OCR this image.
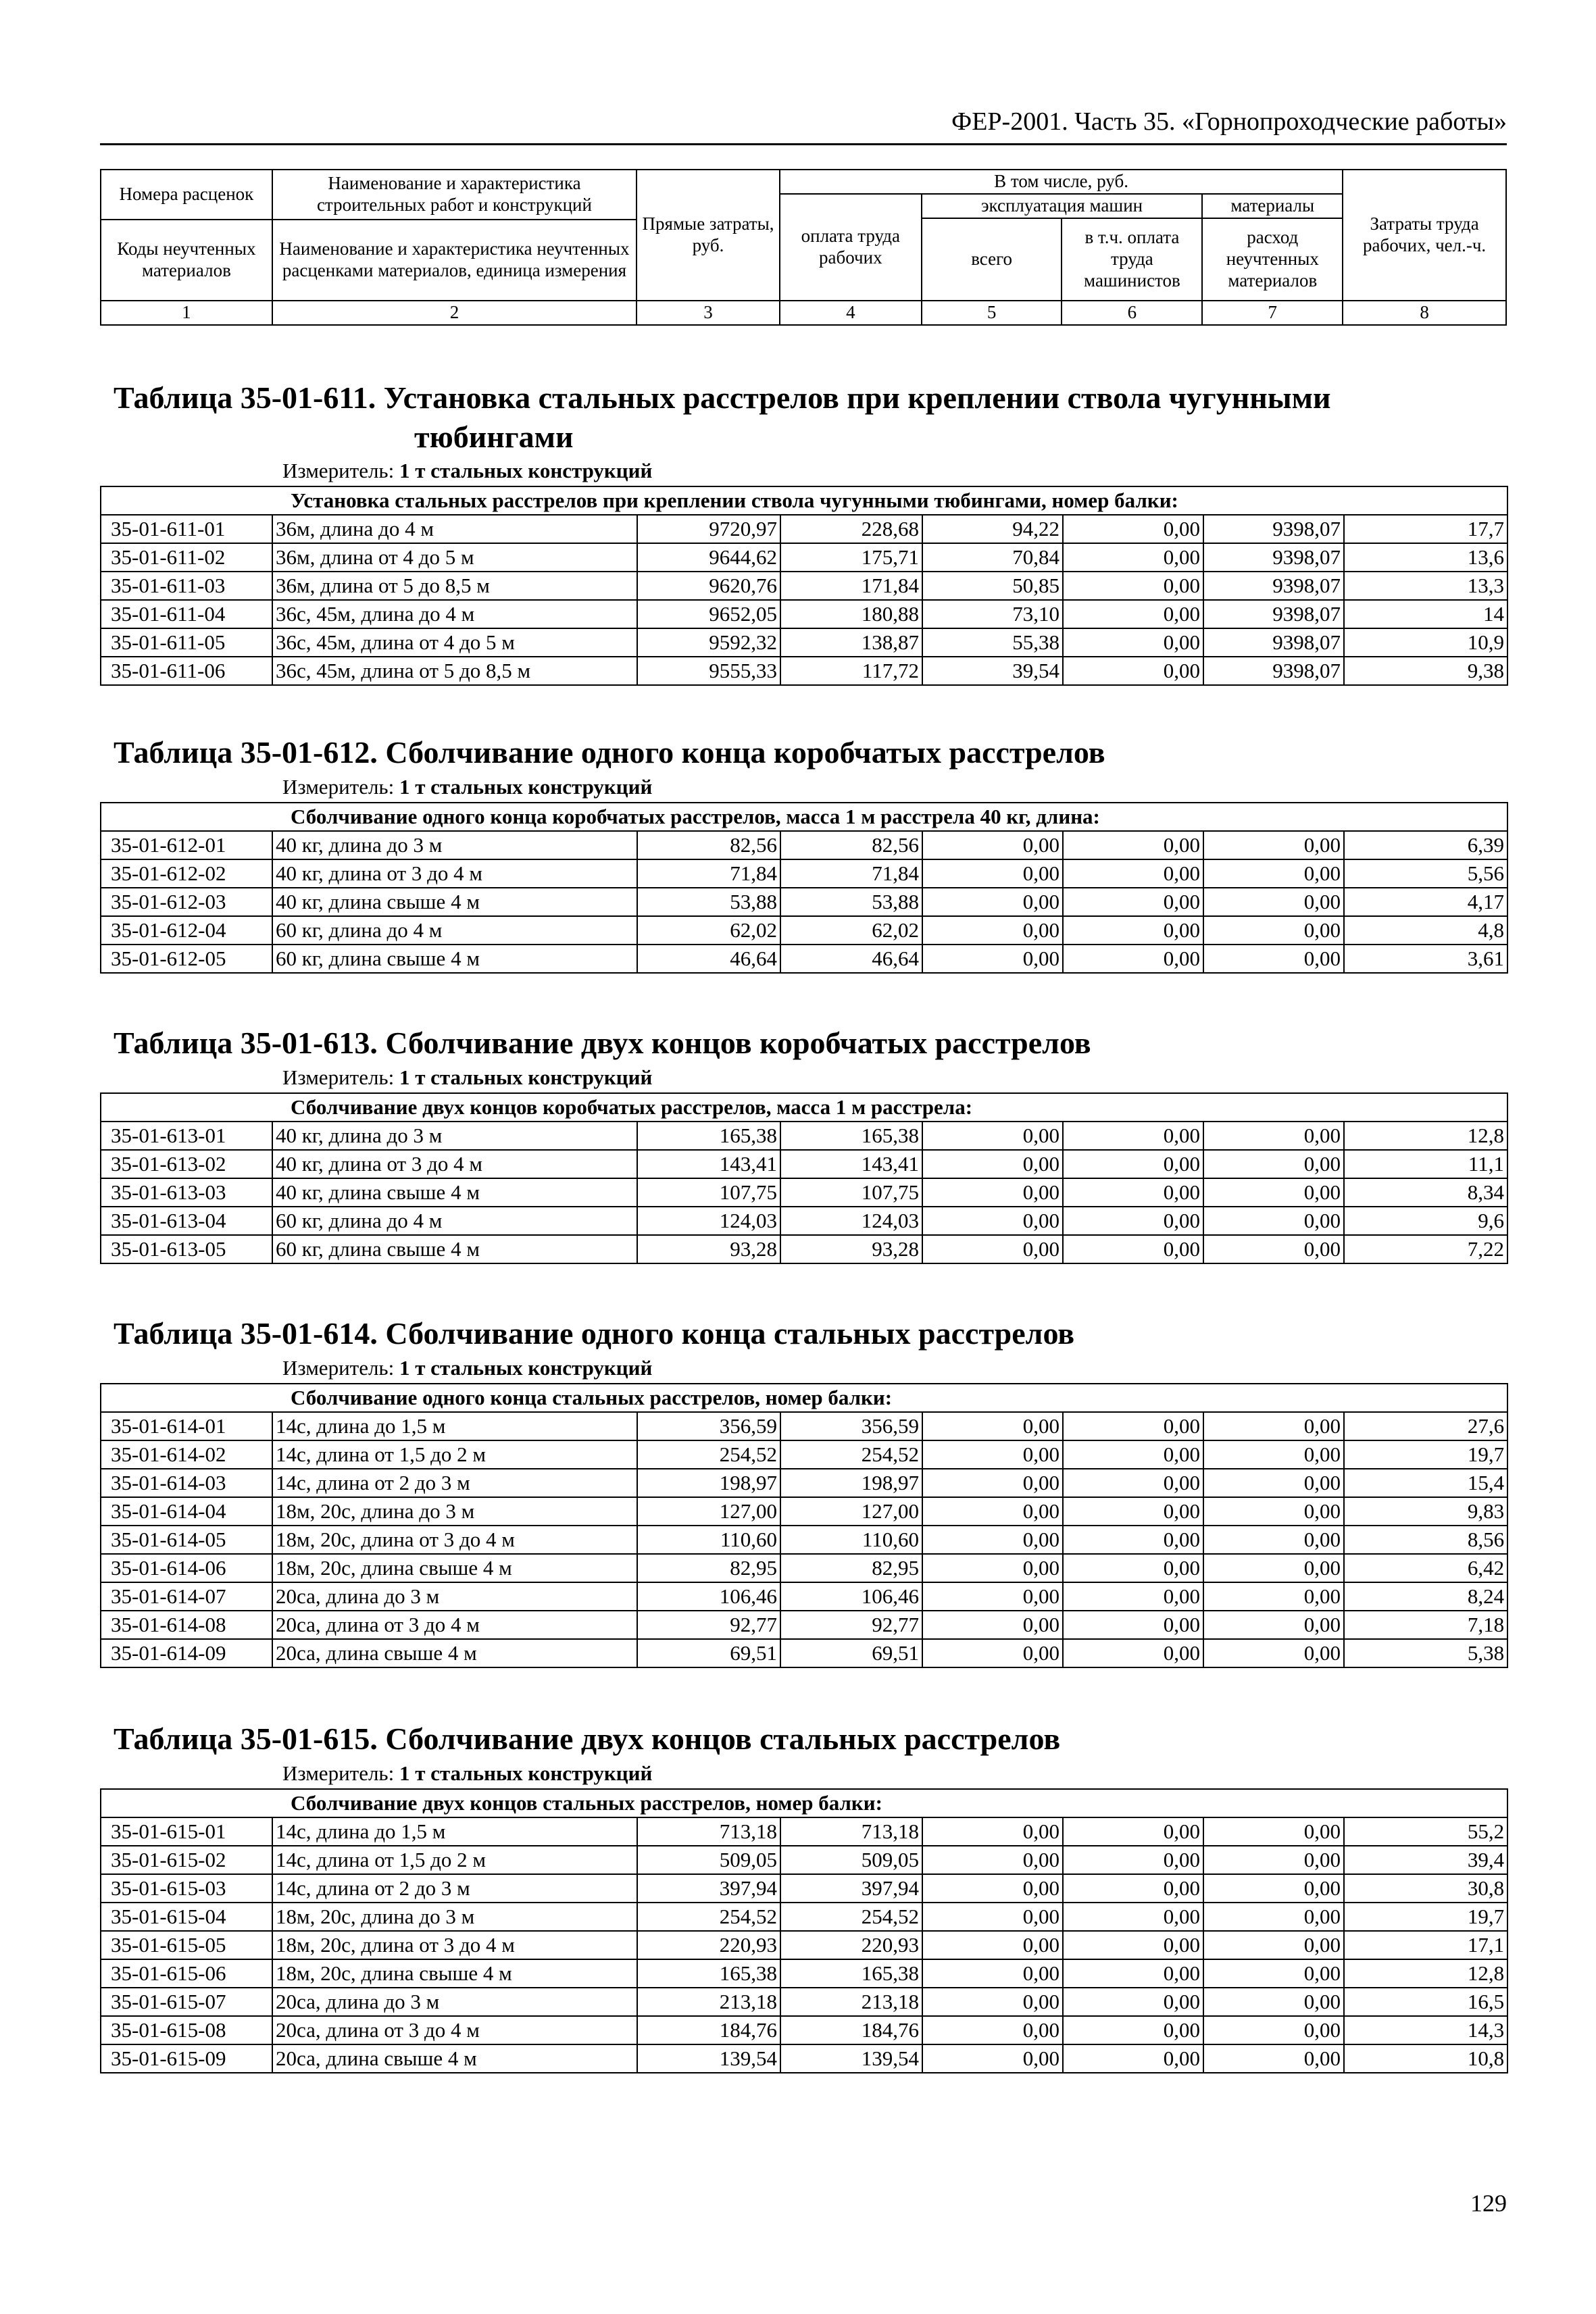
ФЕР-2001. Часть 35. «Горнопроходческие работы»
Номера расценок	Наименование и характеристика строительных работ и конструкций	Прямые затраты, руб.	В том числе, руб.				Затраты труда рабочих, чел.-ч.
			оплата труда рабочих	эксплуатация машин		материалы	
				всего	в т.ч. оплата труда машинистов	расход неучтенных материалов	
Коды неучтенных материалов	Наименование и характеристика неучтенных расценками материалов, единица измерения						

1	2	3	4	5	6	7	8
Таблица 35-01-611. Установка стальных расстрелов при креплении ствола чугунными
тюбингами
Измеритель: 1 т стальных конструкций
Установка стальных расстрелов при креплении ствола чугунными тюбингами, номер балки:							
35-01-611-01	36м, длина до 4 м	9720,97	228,68	94,22	0,00	9398,07	17,7
35-01-611-02	36м, длина от 4 до 5 м	9644,62	175,71	70,84	0,00	9398,07	13,6
35-01-611-03	36м, длина от 5 до 8,5 м	9620,76	171,84	50,85	0,00	9398,07	13,3
35-01-611-04	36с, 45м, длина до 4 м	9652,05	180,88	73,10	0,00	9398,07	14
35-01-611-05	36с, 45м, длина от 4 до 5 м	9592,32	138,87	55,38	0,00	9398,07	10,9
35-01-611-06	36с, 45м, длина от 5 до 8,5 м	9555,33	117,72	39,54	0,00	9398,07	9,38
Таблица 35-01-612. Сболчивание одного конца коробчатых расстрелов
Измеритель: 1 т стальных конструкций
Сболчивание одного конца коробчатых расстрелов, масса 1 м расстрела 40 кг, длина:							
35-01-612-01	40 кг, длина до 3 м	82,56	82,56	0,00	0,00	0,00	6,39
35-01-612-02	40 кг, длина от 3 до 4 м	71,84	71,84	0,00	0,00	0,00	5,56
35-01-612-03	40 кг, длина свыше 4 м	53,88	53,88	0,00	0,00	0,00	4,17
35-01-612-04	60 кг, длина до 4 м	62,02	62,02	0,00	0,00	0,00	4,8
35-01-612-05	60 кг, длина свыше 4 м	46,64	46,64	0,00	0,00	0,00	3,61
Таблица 35-01-613. Сболчивание двух концов коробчатых расстрелов
Измеритель: 1 т стальных конструкций
Сболчивание двух концов коробчатых расстрелов, масса 1 м расстрела:							
35-01-613-01	40 кг, длина до 3 м	165,38	165,38	0,00	0,00	0,00	12,8
35-01-613-02	40 кг, длина от 3 до 4 м	143,41	143,41	0,00	0,00	0,00	11,1
35-01-613-03	40 кг, длина свыше 4 м	107,75	107,75	0,00	0,00	0,00	8,34
35-01-613-04	60 кг, длина до 4 м	124,03	124,03	0,00	0,00	0,00	9,6
35-01-613-05	60 кг, длина свыше 4 м	93,28	93,28	0,00	0,00	0,00	7,22
Таблица 35-01-614. Сболчивание одного конца стальных расстрелов
Измеритель: 1 т стальных конструкций
Сболчивание одного конца стальных расстрелов, номер балки:							
35-01-614-01	14с, длина до 1,5 м	356,59	356,59	0,00	0,00	0,00	27,6
35-01-614-02	14с, длина от 1,5 до 2 м	254,52	254,52	0,00	0,00	0,00	19,7
35-01-614-03	14с, длина от 2 до 3 м	198,97	198,97	0,00	0,00	0,00	15,4
35-01-614-04	18м, 20с, длина до 3 м	127,00	127,00	0,00	0,00	0,00	9,83
35-01-614-05	18м, 20с, длина от 3 до 4 м	110,60	110,60	0,00	0,00	0,00	8,56
35-01-614-06	18м, 20с, длина свыше 4 м	82,95	82,95	0,00	0,00	0,00	6,42
35-01-614-07	20са, длина до 3 м	106,46	106,46	0,00	0,00	0,00	8,24
35-01-614-08	20са, длина от 3 до 4 м	92,77	92,77	0,00	0,00	0,00	7,18
35-01-614-09	20са, длина свыше 4 м	69,51	69,51	0,00	0,00	0,00	5,38
Таблица 35-01-615. Сболчивание двух концов стальных расстрелов
Измеритель: 1 т стальных конструкций
Сболчивание двух концов стальных расстрелов, номер балки:							
35-01-615-01	14с, длина до 1,5 м	713,18	713,18	0,00	0,00	0,00	55,2
35-01-615-02	14с, длина от 1,5 до 2 м	509,05	509,05	0,00	0,00	0,00	39,4
35-01-615-03	14с, длина от 2 до 3 м	397,94	397,94	0,00	0,00	0,00	30,8
35-01-615-04	18м, 20с, длина до 3 м	254,52	254,52	0,00	0,00	0,00	19,7
35-01-615-05	18м, 20с, длина от 3 до 4 м	220,93	220,93	0,00	0,00	0,00	17,1
35-01-615-06	18м, 20с, длина свыше 4 м	165,38	165,38	0,00	0,00	0,00	12,8
35-01-615-07	20са, длина до 3 м	213,18	213,18	0,00	0,00	0,00	16,5
35-01-615-08	20са, длина от 3 до 4 м	184,76	184,76	0,00	0,00	0,00	14,3
35-01-615-09	20са, длина свыше 4 м	139,54	139,54	0,00	0,00	0,00	10,8
129
